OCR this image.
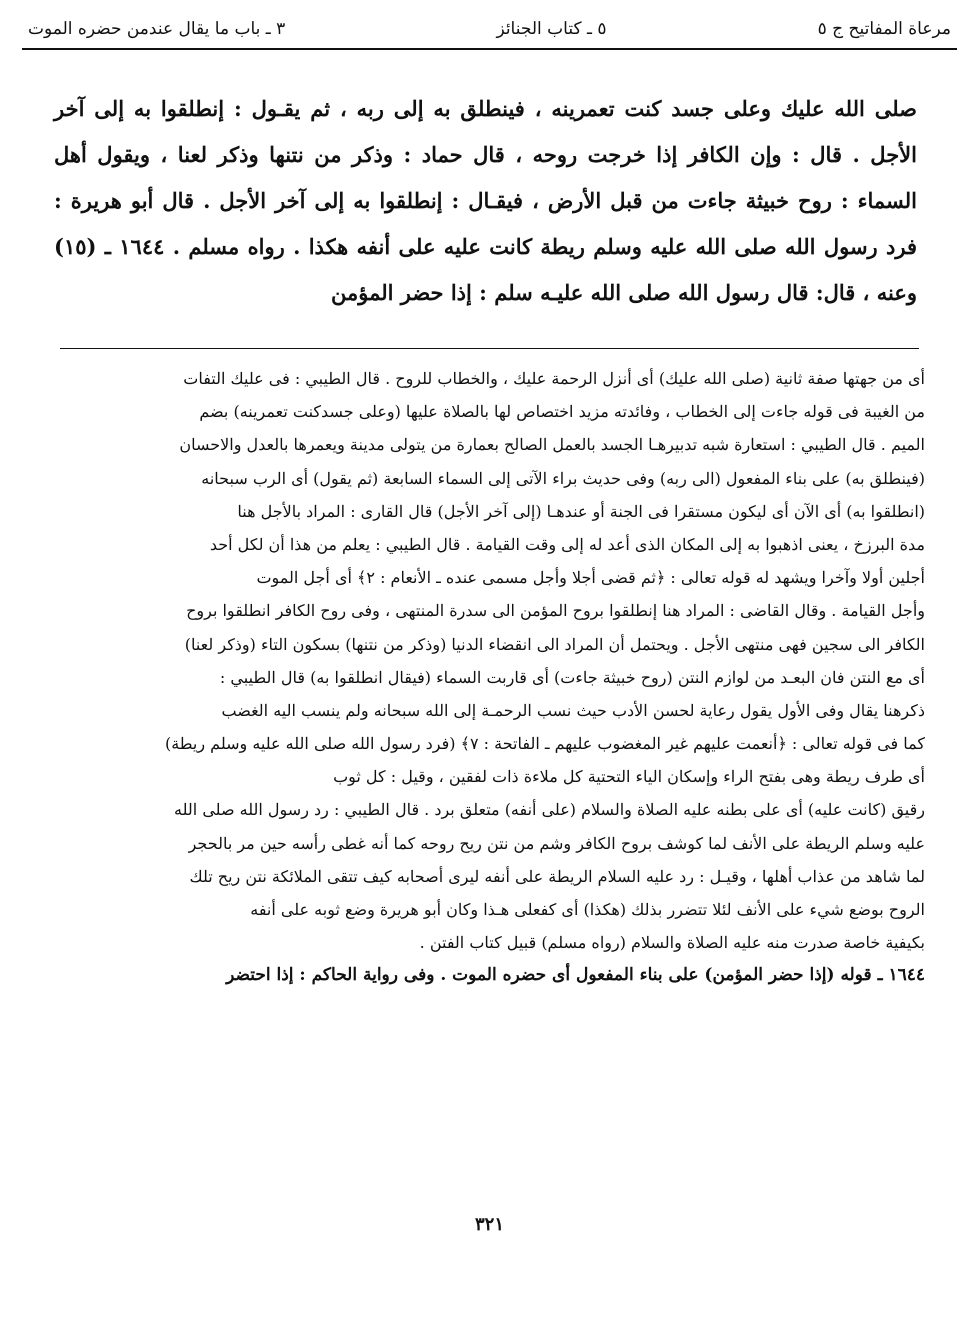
مرعاة المفاتيح ج ٥
٥ ـ كتاب الجنائز
٣ ـ باب ما يقال عندمن حضره الموت

صلى الله عليك وعلى جسد كنت تعمرينه ، فينطلق به إلى ربه ، ثم يقـول : إنطلقوا به إلى آخر الأجل . قال : وإن الكافر إذا خرجت روحه ، قال حماد : وذكر من نتنها وذكر لعنا ، ويقول أهل السماء : روح خبيثة جاءت من قبل الأرض ، فيقـال : إنطلقوا به إلى آخر الأجل . قال أبو هريرة : فرد رسول الله صلى الله عليه وسلم ريطة كانت عليه على أنفه هكذا . رواه مسلم . ١٦٤٤ ـ (١٥) وعنه ، قال: قال رسول الله صلى الله عليـه سلم : إذا حضر المؤمن

أى من جهتها صفة ثانية (صلى الله عليك) أى أنزل الرحمة عليك ، والخطاب للروح . قال الطيبي : فى عليك التفات
من الغيبة فى قوله جاءت إلى الخطاب ، وفائدته مزيد اختصاص لها بالصلاة عليها (وعلى جسدكنت تعمرينه) بضم
الميم . قال الطيبي : استعارة شبه تدبيرهـا الجسد بالعمل الصالح بعمارة من يتولى مدينة ويعمرها بالعدل والاحسان
(فينطلق به) على بناء المفعول (الى ربه) وفى حديث براء الآتى إلى السماء السابعة (ثم يقول) أى الرب سبحانه
(انطلقوا به) أى الآن أى ليكون مستقرا فى الجنة أو عندهـا (إلى آخر الأجل) قال القارى : المراد بالأجل هنا
مدة البرزخ ، يعنى اذهبوا به إلى المكان الذى أعد له إلى وقت القيامة . قال الطيبي : يعلم من هذا أن لكل أحد
أجلين أولا وآخرا ويشهد له قوله تعالى : ﴿ثم قضى أجلا وأجل مسمى عنده ـ الأنعام : ٢﴾ أى أجل الموت
وأجل القيامة . وقال القاضى : المراد هنا إنطلقوا بروح المؤمن الى سدرة المنتهى ، وفى روح الكافر انطلقوا بروح
الكافر الى سجين فهى منتهى الأجل . ويحتمل أن المراد الى انقضاء الدنيا (وذكر من نتنها) بسكون التاء (وذكر لعنا)
أى مع النتن فان البعـد من لوازم النتن (روح خبيثة جاءت) أى قاربت السماء (فيقال انطلقوا به) قال الطيبي :
ذكرهنا يقال وفى الأول يقول رعاية لحسن الأدب حيث نسب الرحمـة إلى الله سبحانه ولم ينسب اليه الغضب
كما فى قوله تعالى : ﴿أنعمت عليهم غير المغضوب عليهم ـ الفاتحة : ٧﴾ (فرد رسول الله صلى الله عليه وسلم ريطة)
أى طرف ريطة وهى بفتح الراء وإسكان الياء التحتية كل ملاءة ذات لفقين ، وقيل : كل ثوب
رقيق (كانت عليه) أى على بطنه عليه الصلاة والسلام (على أنفه) متعلق برد . قال الطيبي : رد رسول الله صلى الله
عليه وسلم الريطة على الأنف لما كوشف بروح الكافر وشم من نتن ريح روحه كما أنه غطى رأسه حين مر بالحجر
لما شاهد من عذاب أهلها ، وقيـل : رد عليه السلام الريطة على أنفه ليرى أصحابه كيف تتقى الملائكة نتن ريح تلك
الروح بوضع شيء على الأنف لئلا تتضرر بذلك (هكذا) أى كفعلى هـذا وكان أبو هريرة وضع ثوبه على أنفه
بكيفية خاصة صدرت منه عليه الصلاة والسلام (رواه مسلم) قبيل كتاب الفتن .
١٦٤٤ ـ قوله (إذا حضر المؤمن) على بناء المفعول أى حضره الموت . وفى رواية الحاكم : إذا احتضر
٣٢١
